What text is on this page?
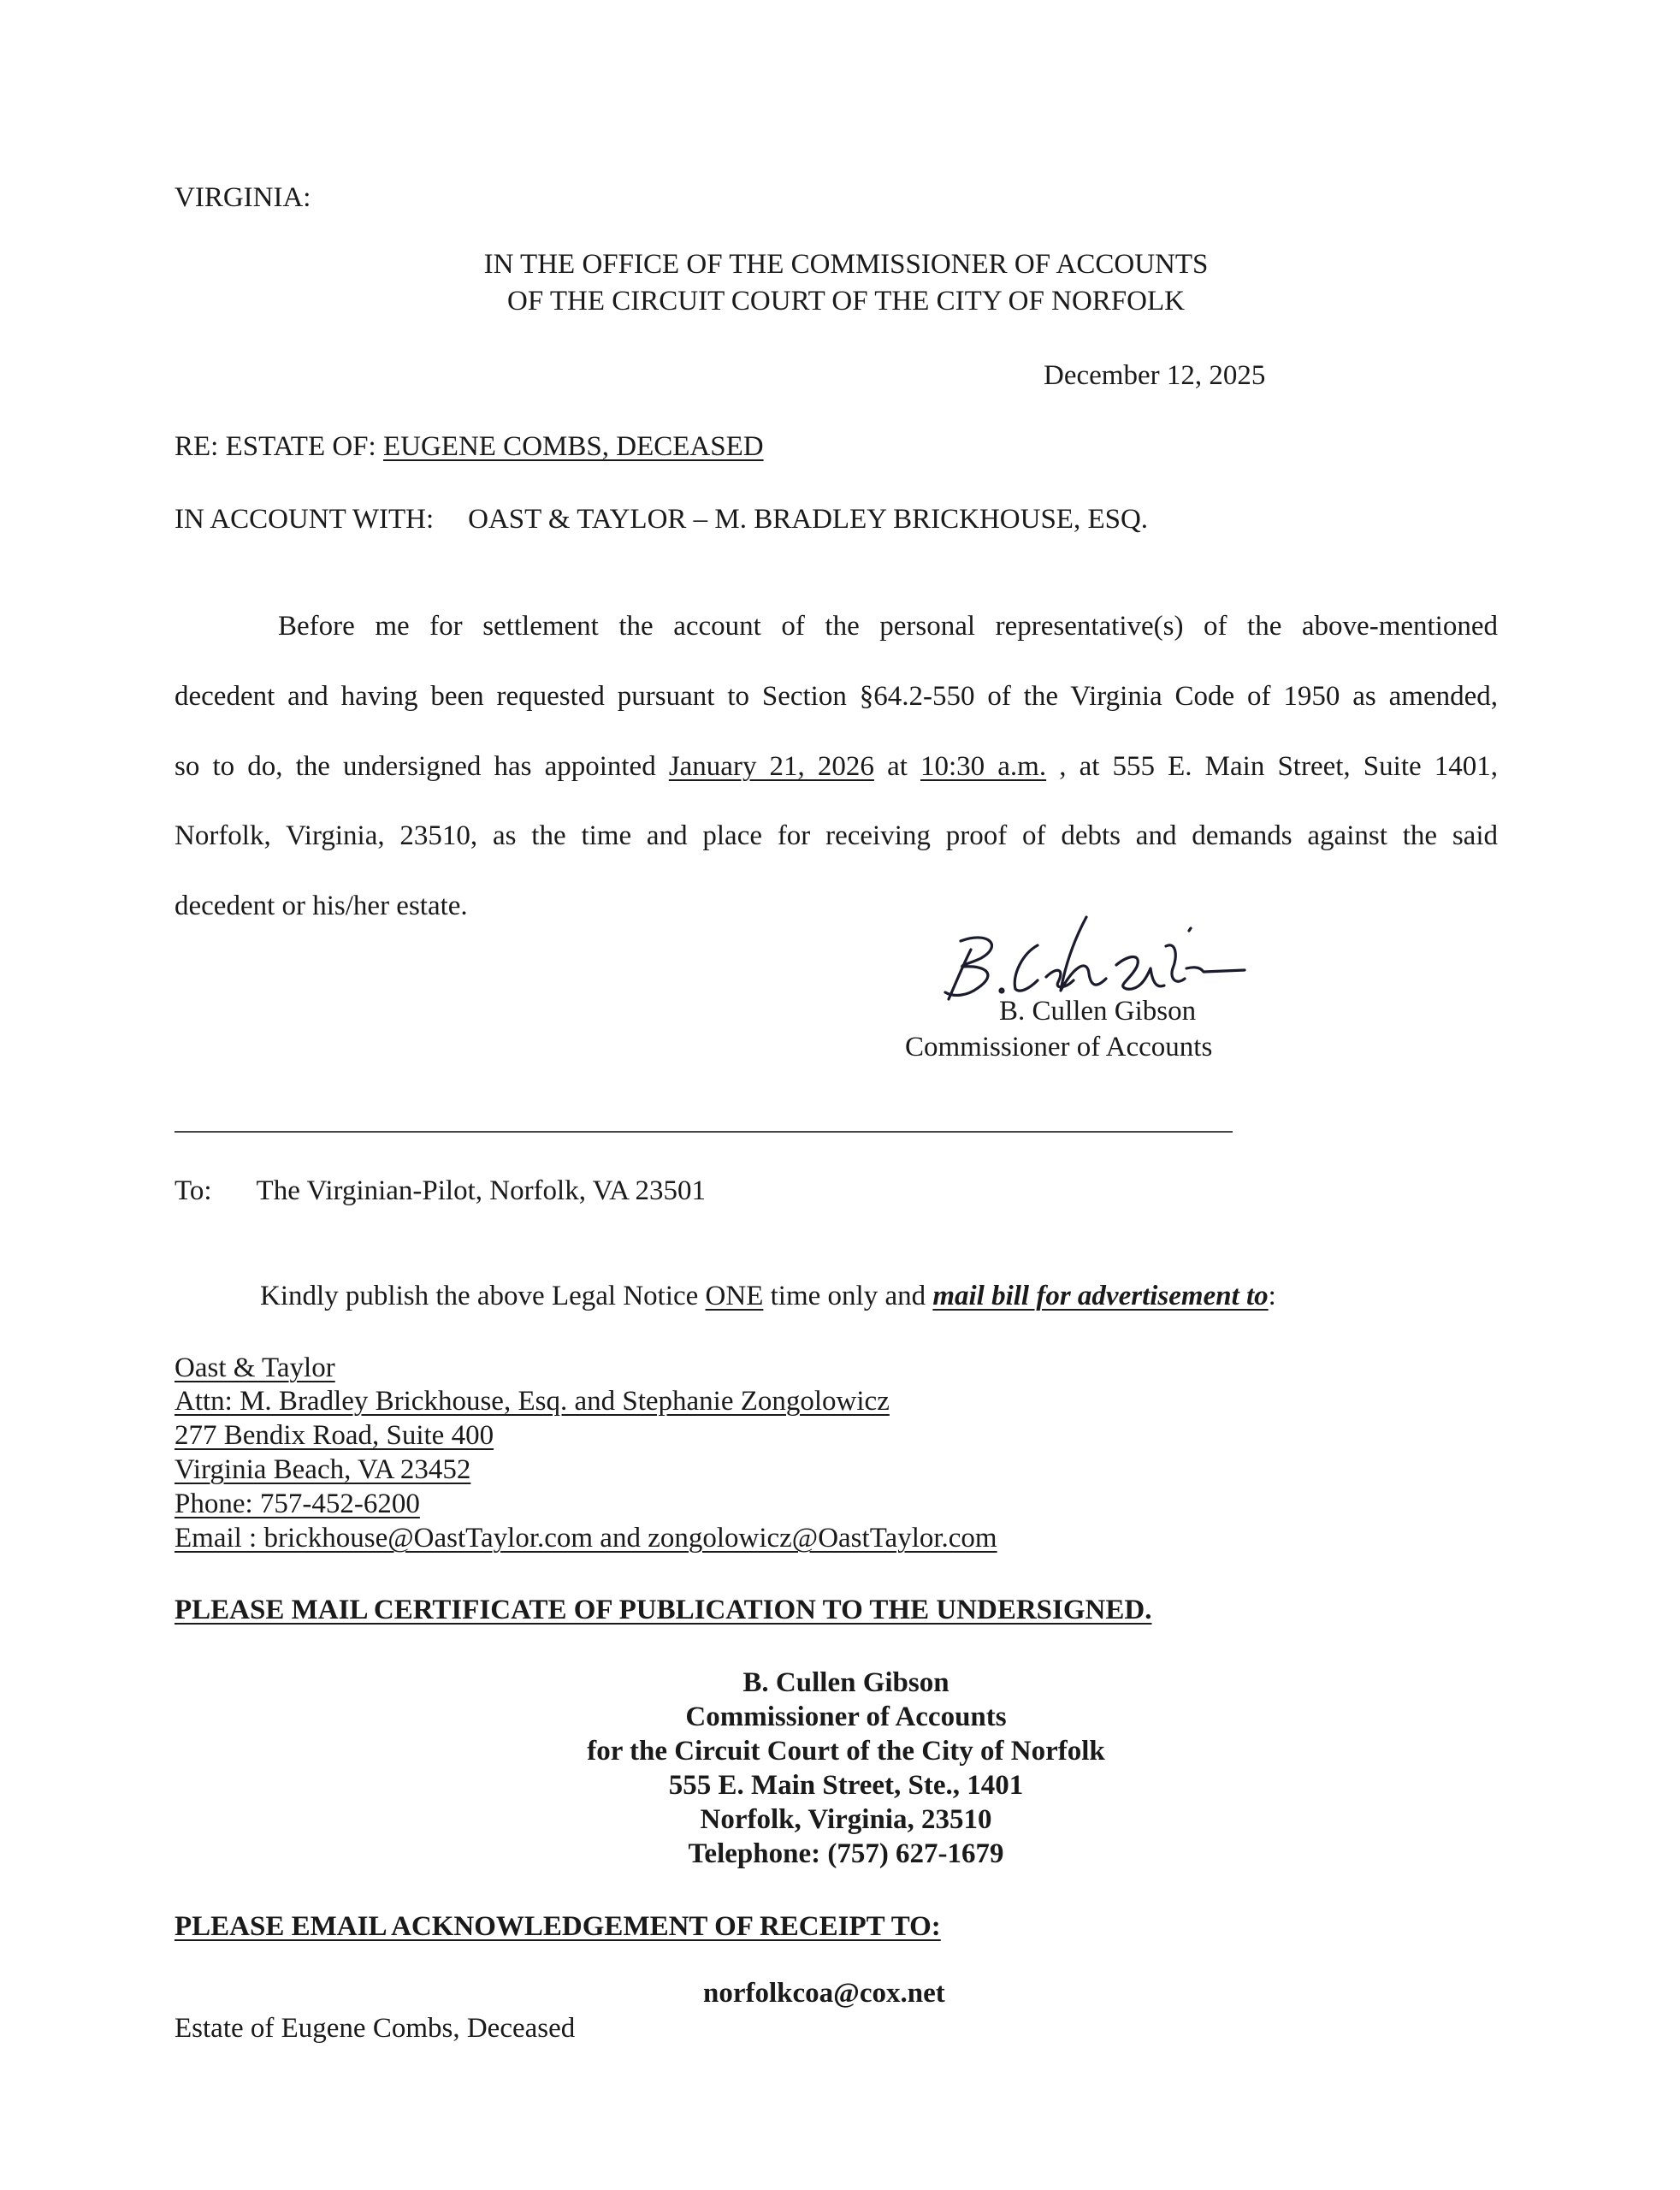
VIRGINIA:
IN THE OFFICE OF THE COMMISSIONER OF ACCOUNTS
OF THE CIRCUIT COURT OF THE CITY OF NORFOLK
December 12, 2025
RE: ESTATE OF: EUGENE COMBS, DECEASED
IN ACCOUNT WITH: OAST & TAYLOR – M. BRADLEY BRICKHOUSE, ESQ.
Before me for settlement the account of the personal representative(s) of the above-mentioned
decedent and having been requested pursuant to Section §64.2-550 of the Virginia Code of 1950 as amended,
so to do, the undersigned has appointed January 21, 2026 at 10:30 a.m. , at 555 E. Main Street, Suite 1401,
Norfolk, Virginia, 23510, as the time and place for receiving proof of debts and demands against the said
decedent or his/her estate.
B. Cullen Gibson
Commissioner of Accounts
To: The Virginian-Pilot, Norfolk, VA 23501
Kindly publish the above Legal Notice ONE time only and mail bill for advertisement to:
Oast & Taylor
Attn: M. Bradley Brickhouse, Esq. and Stephanie Zongolowicz
277 Bendix Road, Suite 400
Virginia Beach, VA 23452
Phone: 757-452-6200
Email : brickhouse@OastTaylor.com and zongolowicz@OastTaylor.com
PLEASE MAIL CERTIFICATE OF PUBLICATION TO THE UNDERSIGNED.
B. Cullen Gibson
Commissioner of Accounts
for the Circuit Court of the City of Norfolk
555 E. Main Street, Ste., 1401
Norfolk, Virginia, 23510
Telephone: (757) 627-1679
PLEASE EMAIL ACKNOWLEDGEMENT OF RECEIPT TO:
norfolkcoa@cox.net
Estate of Eugene Combs, Deceased
